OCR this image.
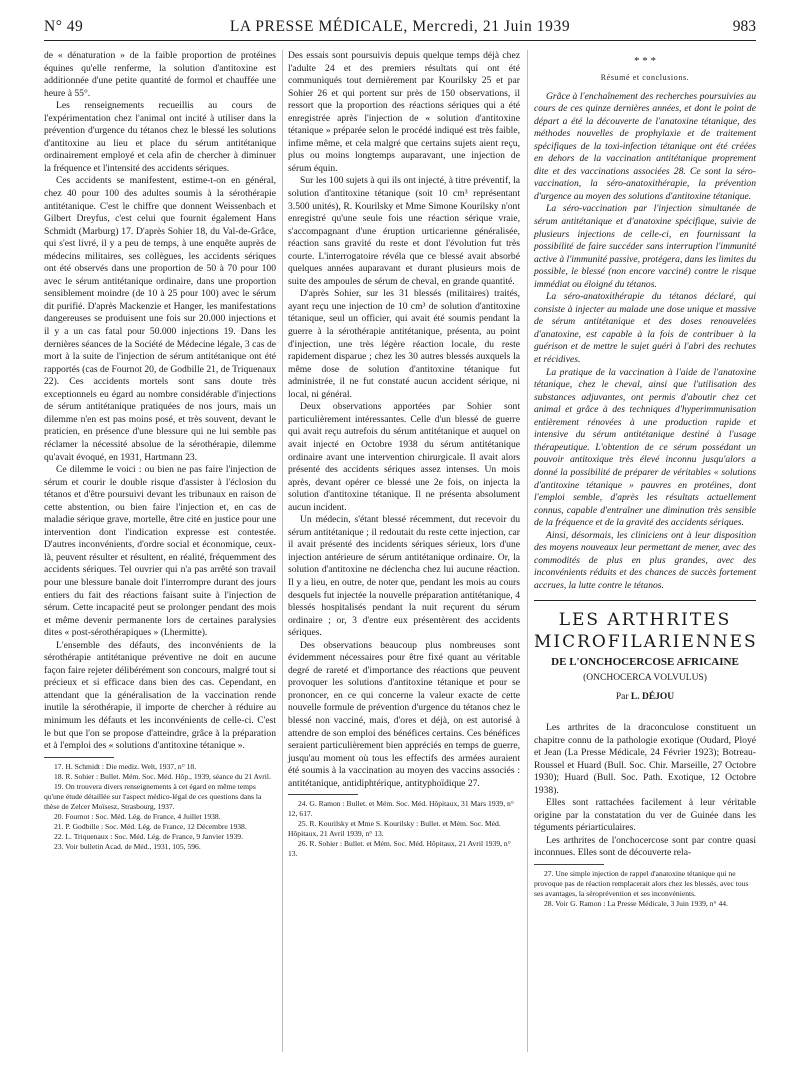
N° 49	LA PRESSE MÉDICALE, Mercredi, 21 Juin 1939	983

de « dénaturation » de la faible proportion de protéines équines qu'elle renferme, la solution d'antitoxine est additionnée d'une petite quantité de formol et chauffée une heure à 55°.

Les renseignements recueillis au cours de l'expérimentation chez l'animal ont incité à utiliser dans la prévention d'urgence du tétanos chez le blessé les solutions d'antitoxine au lieu et place du sérum antitétanique ordinairement employé et cela afin de chercher à diminuer la fréquence et l'intensité des accidents sériques.

Ces accidents se manifestent, estime-t-on en général, chez 40 pour 100 des adultes soumis à la sérothérapie antitétanique. C'est le chiffre que donnent Weissenbach et Gilbert Dreyfus, c'est celui que fournit également Hans Schmidt (Marburg) 17. D'après Sohier 18, du Val-de-Grâce, qui s'est livré, il y a peu de temps, à une enquête auprès de médecins militaires, ses collègues, les accidents sériques ont été observés dans une proportion de 50 à 70 pour 100 avec le sérum antitétanique ordinaire, dans une proportion sensiblement moindre (de 10 à 25 pour 100) avec le sérum dit purifié. D'après Mackenzie et Hanger, les manifestations dangereuses se produisent une fois sur 20.000 injections et il y a un cas fatal pour 50.000 injections 19. Dans les dernières séances de la Société de Médecine légale, 3 cas de mort à la suite de l'injection de sérum antitétanique ont été rapportés (cas de Fournot 20, de Godbille 21, de Triquenaux 22). Ces accidents mortels sont sans doute très exceptionnels eu égard au nombre considérable d'injections de sérum antitétanique pratiquées de nos jours, mais un dilemme n'en est pas moins posé, et très souvent, devant le praticien, en présence d'une blessure qui ne lui semble pas réclamer la nécessité absolue de la sérothérapie, dilemme qu'avait évoqué, en 1931, Hartmann 23.

Ce dilemme le voici : ou bien ne pas faire l'injection de sérum et courir le double risque d'assister à l'éclosion du tétanos et d'être poursuivi devant les tribunaux en raison de cette abstention, ou bien faire l'injection et, en cas de maladie sérique grave, mortelle, être cité en justice pour une intervention dont l'indication expresse est contestée. D'autres inconvénients, d'ordre social et économique, ceux-là, peuvent résulter et résultent, en réalité, fréquemment des accidents sériques. Tel ouvrier qui n'a pas arrêté son travail pour une blessure banale doit l'interrompre durant des jours entiers du fait des réactions faisant suite à l'injection de sérum. Cette incapacité peut se prolonger pendant des mois et même devenir permanente lors de certaines paralysies dites « post-sérothérapiques » (Lhermitte).

L'ensemble des défauts, des inconvénients de la sérothérapie antitétanique préventive ne doit en aucune façon faire rejeter délibérément son concours, malgré tout si précieux et si efficace dans bien des cas. Cependant, en attendant que la généralisation de la vaccination rende inutile la sérothérapie, il importe de chercher à réduire au minimum les défauts et les inconvénients de celle-ci. C'est le but que l'on se propose d'atteindre, grâce à la préparation et à l'emploi des « solutions d'antitoxine tétanique ».

17. H. Schmidt : Die mediz. Welt, 1937, n° 18.

18. R. Sohier : Bullet. Mém. Soc. Méd. Hôp., 1939, séance du 21 Avril.

19. On trouvera divers renseignements à cet égard en même temps qu'une étude détaillée sur l'aspect médico-légal de ces questions dans la thèse de Zelcer Moïsesz, Strasbourg, 1937.

20. Fournot : Soc. Méd. Lég. de France, 4 Juillet 1938.

21. P. Godbille : Soc. Méd. Lég. de France, 12 Décembre 1938.

22. L. Triquenaux : Soc. Méd. Lég. de France, 9 Janvier 1939.

23. Voir bulletin Acad. de Méd., 1931, 105, 596.

Des essais sont poursuivis depuis quelque temps déjà chez l'adulte 24 et des premiers résultats qui ont été communiqués tout dernièrement par Kourilsky 25 et par Sohier 26 et qui portent sur près de 150 observations, il ressort que la proportion des réactions sériques qui a été enregistrée après l'injection de « solution d'antitoxine tétanique » préparée selon le procédé indiqué est très faible, infime même, et cela malgré que certains sujets aient reçu, plus ou moins longtemps auparavant, une injection de sérum équin.

Sur les 100 sujets à qui ils ont injecté, à titre préventif, la solution d'antitoxine tétanique (soit 10 cm³ représentant 3.500 unités), R. Kourilsky et Mme Simone Kourilsky n'ont enregistré qu'une seule fois une réaction sérique vraie, s'accompagnant d'une éruption urticarienne généralisée, réaction sans gravité du reste et dont l'évolution fut très courte. L'interrogatoire révéla que ce blessé avait absorbé quelques années auparavant et durant plusieurs mois de suite des ampoules de sérum de cheval, en grande quantité.

D'après Sohier, sur les 31 blessés (militaires) traités, ayant reçu une injection de 10 cm³ de solution d'antitoxine tétanique, seul un officier, qui avait été soumis pendant la guerre à la sérothérapie antitétanique, présenta, au point d'injection, une très légère réaction locale, du reste rapidement disparue ; chez les 30 autres blessés auxquels la même dose de solution d'antitoxine tétanique fut administrée, il ne fut constaté aucun accident sérique, ni local, ni général.

Deux observations apportées par Sohier sont particulièrement intéressantes. Celle d'un blessé de guerre qui avait reçu autrefois du sérum antitétanique et auquel on avait injecté en Octobre 1938 du sérum antitétanique ordinaire avant une intervention chirurgicale. Il avait alors présenté des accidents sériques assez intenses. Un mois après, devant opérer ce blessé une 2e fois, on injecta la solution d'antitoxine tétanique. Il ne présenta absolument aucun incident.

Un médecin, s'étant blessé récemment, dut recevoir du sérum antitétanique ; il redoutait du reste cette injection, car il avait présenté des incidents sériques sérieux, lors d'une injection antérieure de sérum antitétanique ordinaire. Or, la solution d'antitoxine ne déclencha chez lui aucune réaction. Il y a lieu, en outre, de noter que, pendant les mois au cours desquels fut injectée la nouvelle préparation antitétanique, 4 blessés hospitalisés pendant la nuit reçurent du sérum ordinaire ; or, 3 d'entre eux présentèrent des accidents sériques.

Des observations beaucoup plus nombreuses sont évidemment nécessaires pour être fixé quant au véritable degré de rareté et d'importance des réactions que peuvent provoquer les solutions d'antitoxine tétanique et pour se prononcer, en ce qui concerne la valeur exacte de cette nouvelle formule de prévention d'urgence du tétanos chez le blessé non vacciné, mais, d'ores et déjà, on est autorisé à attendre de son emploi des bénéfices certains. Ces bénéfices seraient particulièrement bien appréciés en temps de guerre, jusqu'au moment où tous les effectifs des armées auraient été soumis à la vaccination au moyen des vaccins associés : antitétanique, antidiphtérique, antityphoïdique 27.

24. G. Ramon : Bullet. et Mém. Soc. Méd. Hôpitaux, 31 Mars 1939, n° 12, 617.

25. R. Kourilsky et Mme S. Kourilsky : Bullet. et Mém. Soc. Méd. Hôpitaux, 21 Avril 1939, n° 13.

26. R. Sohier : Bullet. et Mém. Soc. Méd. Hôpitaux, 21 Avril 1939, n° 13.

* * *
Résumé et conclusions.

Grâce à l'enchaînement des recherches poursuivies au cours de ces quinze dernières années, et dont le point de départ a été la découverte de l'anatoxine tétanique, des méthodes nouvelles de prophylaxie et de traitement spécifiques de la toxi-infection tétanique ont été créées en dehors de la vaccination antitétanique proprement dite et des vaccinations associées 28. Ce sont la séro-vaccination, la séro-anatoxithérapie, la prévention d'urgence au moyen des solutions d'antitoxine tétanique.

La séro-vaccination par l'injection simultanée de sérum antitétanique et d'anatoxine spécifique, suivie de plusieurs injections de celle-ci, en fournissant la possibilité de faire succéder sans interruption l'immunité active à l'immunité passive, protégera, dans les limites du possible, le blessé (non encore vacciné) contre le risque immédiat ou éloigné du tétanos.

La séro-anatoxithérapie du tétanos déclaré, qui consiste à injecter au malade une dose unique et massive de sérum antitétanique et des doses renouvelées d'anatoxine, est capable à la fois de contribuer à la guérison et de mettre le sujet guéri à l'abri des rechutes et récidives.

La pratique de la vaccination à l'aide de l'anatoxine tétanique, chez le cheval, ainsi que l'utilisation des substances adjuvantes, ont permis d'aboutir chez cet animal et grâce à des techniques d'hyperimmunisation entièrement rénovées à une production rapide et intensive du sérum antitétanique destiné à l'usage thérapeutique. L'obtention de ce sérum possédant un pouvoir antitoxique très élevé inconnu jusqu'alors a donné la possibilité de préparer de véritables « solutions d'antitoxine tétanique » pauvres en protéines, dont l'emploi semble, d'après les résultats actuellement connus, capable d'entraîner une diminution très sensible de la fréquence et de la gravité des accidents sériques.

Ainsi, désormais, les cliniciens ont à leur disposition des moyens nouveaux leur permettant de mener, avec des commodités de plus en plus grandes, avec des inconvénients réduits et des chances de succès fortement accrues, la lutte contre le tétanos.

LES ARTHRITES
MICROFILARIENNES
DE L'ONCHOCERCOSE AFRICAINE
(ONCHOCERCA VOLVULUS)
Par L. DÉJOU

Les arthrites de la draconculose constituent un chapitre connu de la pathologie exotique (Oudard, Ployé et Jean (La Presse Médicale, 24 Février 1923); Botreau-Roussel et Huard (Bull. Soc. Chir. Marseille, 27 Octobre 1930); Huard (Bull. Soc. Path. Exotique, 12 Octobre 1938).

Elles sont rattachées facilement à leur véritable origine par la constatation du ver de Guinée dans les téguments périarticulaires.

Les arthrites de l'onchocercose sont par contre quasi inconnues. Elles sont de découverte rela-

27. Une simple injection de rappel d'anatoxine tétanique qui ne provoque pas de réaction remplacerait alors chez les blessés, avec tous ses avantages, la séroprévention et ses inconvénients.

28. Voir G. Ramon : La Presse Médicale, 3 Juin 1939, n° 44.
